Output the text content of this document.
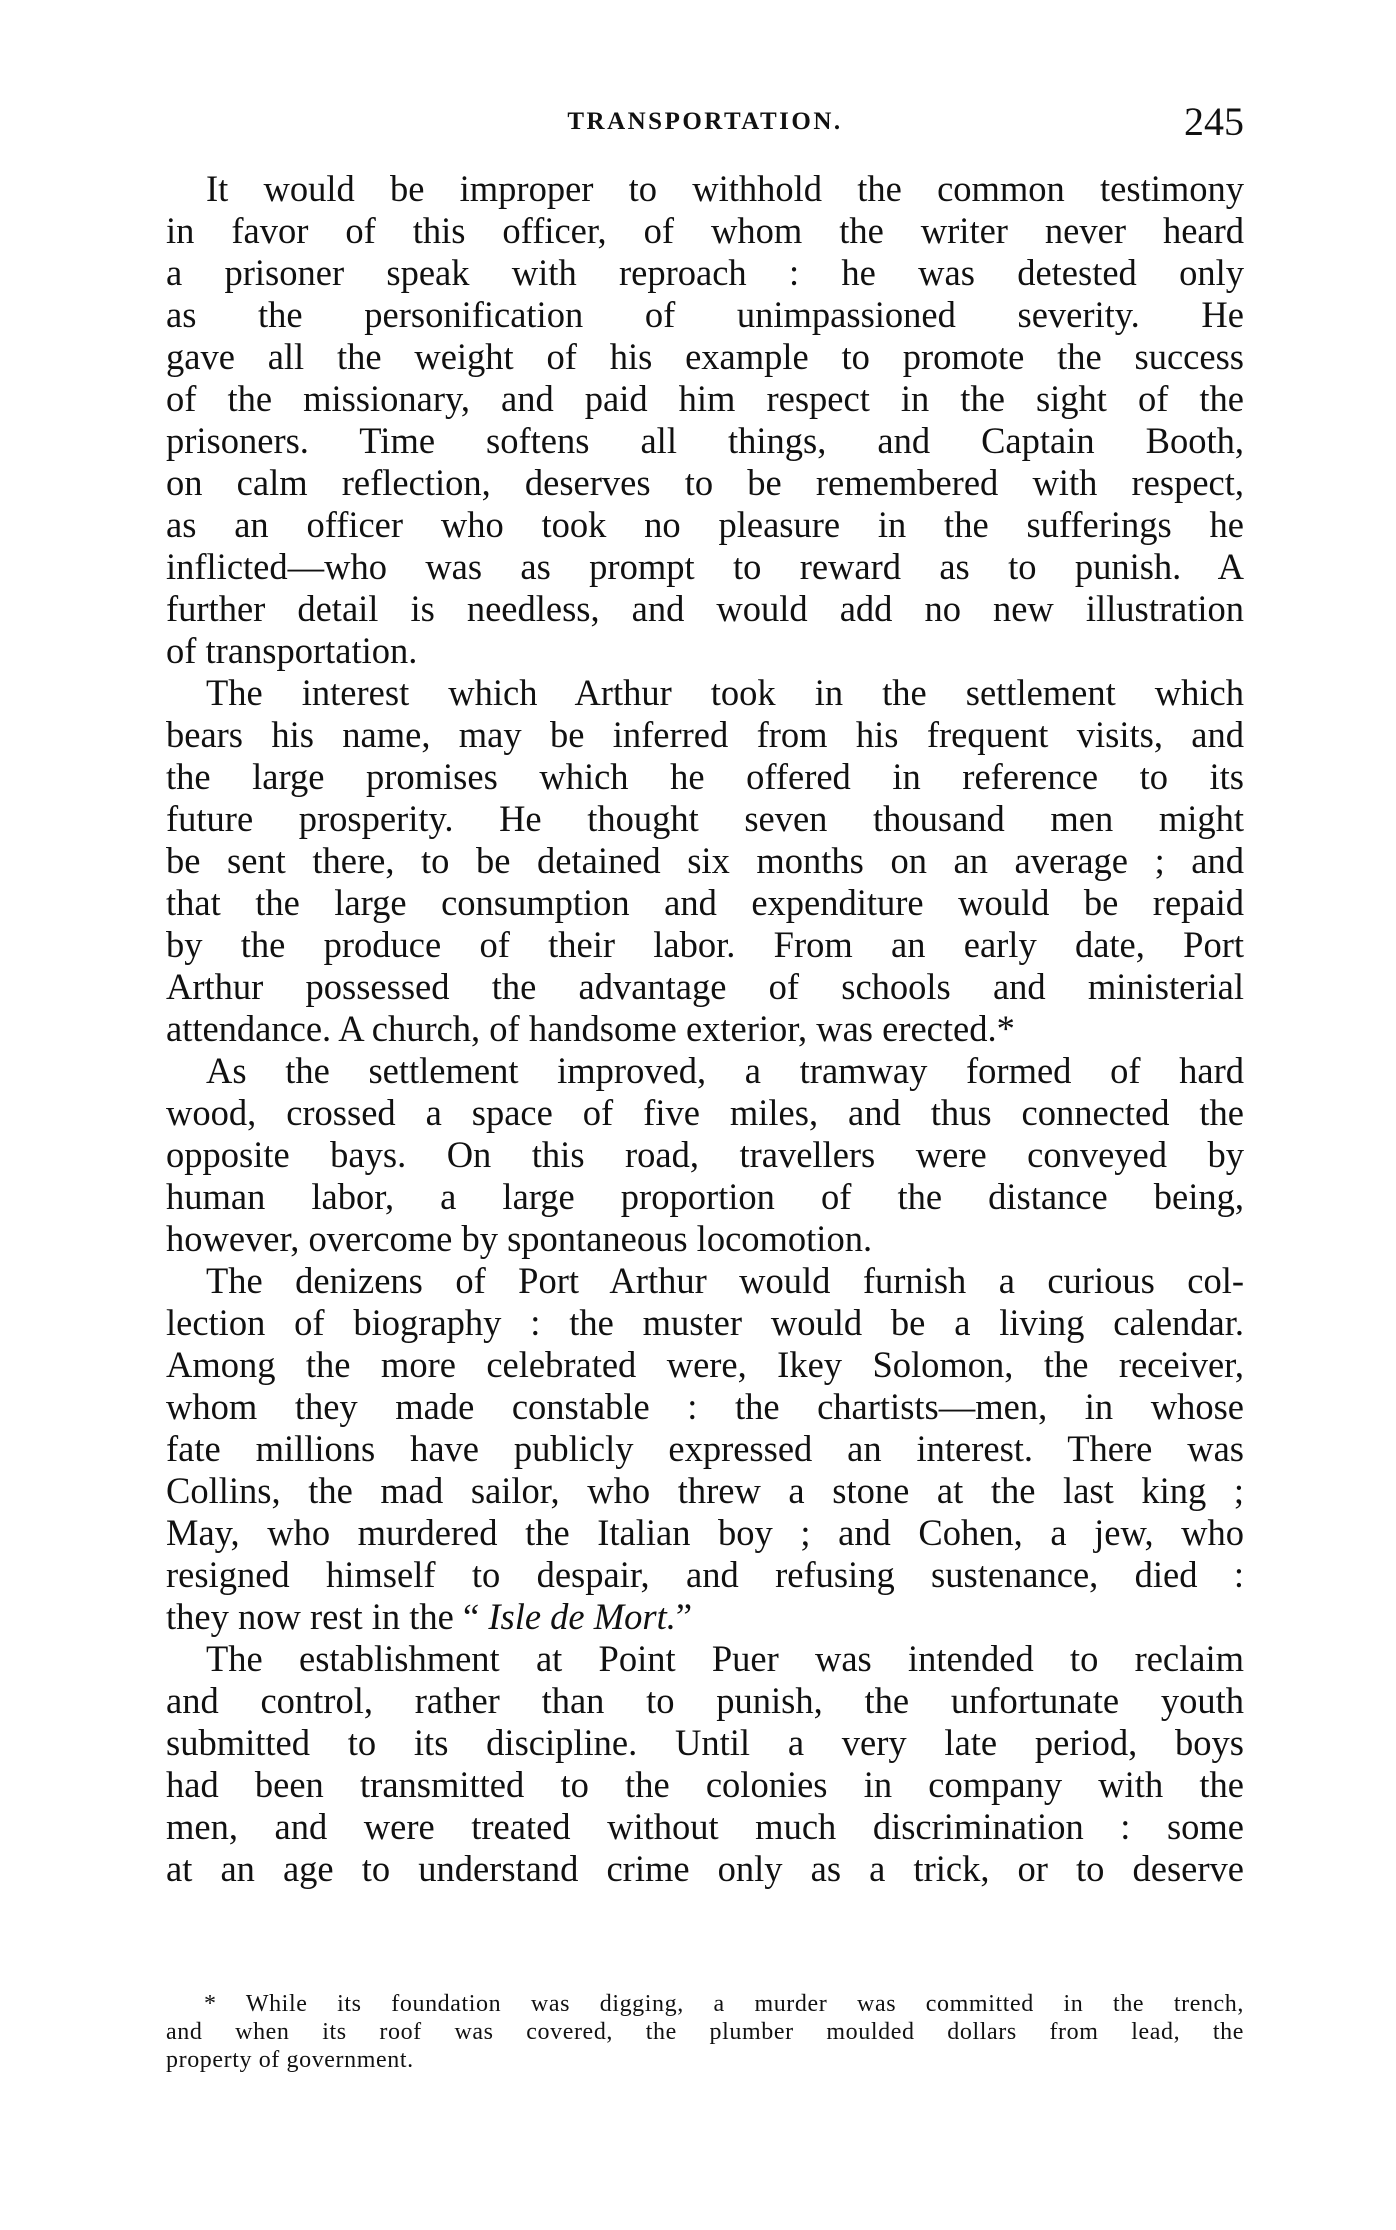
TRANSPORTATION.	245
It would be improper to withhold the common testimony
in favor of this officer, of whom the writer never heard
a prisoner speak with reproach : he was detested only
as the personification of unimpassioned severity. He
gave all the weight of his example to promote the success
of the missionary, and paid him respect in the sight of the
prisoners. Time softens all things, and Captain Booth,
on calm reflection, deserves to be remembered with respect,
as an officer who took no pleasure in the sufferings he
inflicted—who was as prompt to reward as to punish. A
further detail is needless, and would add no new illustration
of transportation.
The interest which Arthur took in the settlement which
bears his name, may be inferred from his frequent visits, and
the large promises which he offered in reference to its
future prosperity. He thought seven thousand men might
be sent there, to be detained six months on an average ; and
that the large consumption and expenditure would be repaid
by the produce of their labor. From an early date, Port
Arthur possessed the advantage of schools and ministerial
attendance. A church, of handsome exterior, was erected.*
As the settlement improved, a tramway formed of hard
wood, crossed a space of five miles, and thus connected the
opposite bays. On this road, travellers were conveyed by
human labor, a large proportion of the distance being,
however, overcome by spontaneous locomotion.
The denizens of Port Arthur would furnish a curious col-
lection of biography : the muster would be a living calendar.
Among the more celebrated were, Ikey Solomon, the receiver,
whom they made constable : the chartists—men, in whose
fate millions have publicly expressed an interest. There was
Collins, the mad sailor, who threw a stone at the last king ;
May, who murdered the Italian boy ; and Cohen, a jew, who
resigned himself to despair, and refusing sustenance, died :
they now rest in the “ Isle de Mort.”
The establishment at Point Puer was intended to reclaim
and control, rather than to punish, the unfortunate youth
submitted to its discipline. Until a very late period, boys
had been transmitted to the colonies in company with the
men, and were treated without much discrimination : some
at an age to understand crime only as a trick, or to deserve
* While its foundation was digging, a murder was committed in the trench,
and when its roof was covered, the plumber moulded dollars from lead, the
property of government.
